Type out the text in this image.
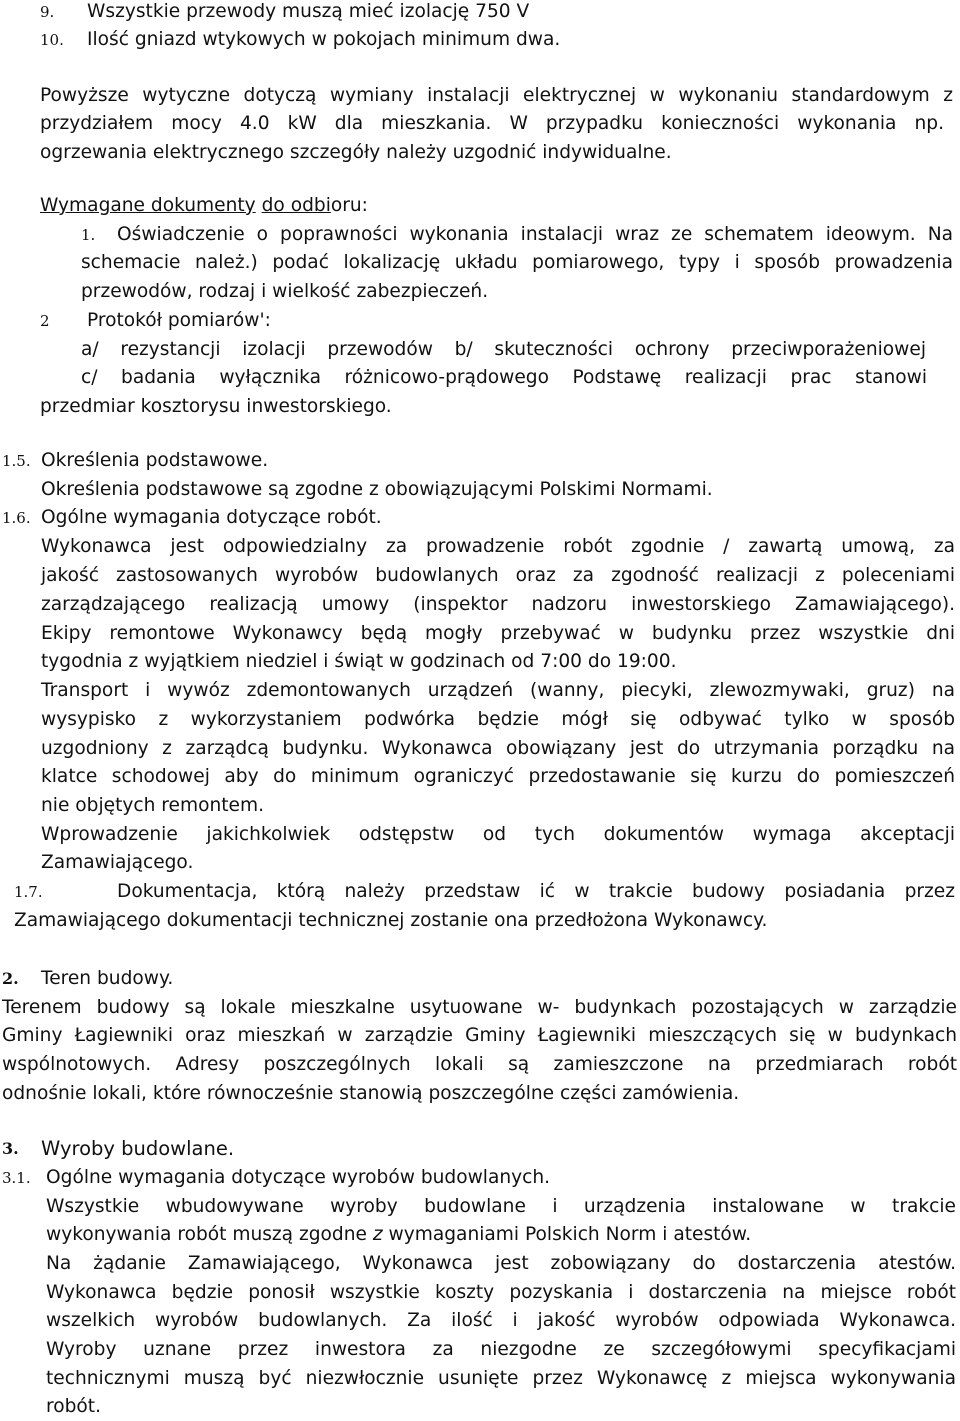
9. Wszystkie przewody muszą mieć izolację 750 V
10. Ilość gniazd wtykowych w pokojach minimum dwa.
Powyższe wytyczne dotyczą wymiany instalacji elektrycznej w wykonaniu standardowym z
przydziałem mocy 4.0 kW dla mieszkania. W przypadku konieczności wykonania np.
ogrzewania elektrycznego szczegóły należy uzgodnić indywidualne.
Wymagane dokumenty do odbioru:
1. Oświadczenie o poprawności wykonania instalacji wraz ze schematem ideowym. Na
schemacie należ.) podać lokalizację układu pomiarowego, typy i sposób prowadzenia
przewodów, rodzaj i wielkość zabezpieczeń.
2 Protokół pomiarów':
a/ rezystancji izolacji przewodów b/ skuteczności ochrony przeciwporażeniowej
c/ badania wyłącznika różnicowo-prądowego Podstawę realizacji prac stanowi
przedmiar kosztorysu inwestorskiego.
1.5. Określenia podstawowe.
Określenia podstawowe są zgodne z obowiązującymi Polskimi Normami.
1.6. Ogólne wymagania dotyczące robót.
Wykonawca jest odpowiedzialny za prowadzenie robót zgodnie / zawartą umową, za
jakość zastosowanych wyrobów budowlanych oraz za zgodność realizacji z poleceniami
zarządzającego realizacją umowy (inspektor nadzoru inwestorskiego Zamawiającego).
Ekipy remontowe Wykonawcy będą mogły przebywać w budynku przez wszystkie dni
tygodnia z wyjątkiem niedziel i świąt w godzinach od 7:00 do 19:00.
Transport i wywóz zdemontowanych urządzeń (wanny, piecyki, zlewozmywaki, gruz) na
wysypisko z wykorzystaniem podwórka będzie mógł się odbywać tylko w sposób
uzgodniony z zarządcą budynku. Wykonawca obowiązany jest do utrzymania porządku na
klatce schodowej aby do minimum ograniczyć przedostawanie się kurzu do pomieszczeń
nie objętych remontem.
Wprowadzenie jakichkolwiek odstępstw od tych dokumentów wymaga akceptacji
Zamawiającego.
1.7.	Dokumentacja, którą należy przedstaw ić w trakcie budowy posiadania przez
Zamawiającego dokumentacji technicznej zostanie ona przedłożona Wykonawcy.
2. Teren budowy.
Terenem budowy są lokale mieszkalne usytuowane w- budynkach pozostających w zarządzie
Gminy Łagiewniki oraz mieszkań w zarządzie Gminy Łagiewniki mieszczących się w budynkach
wspólnotowych. Adresy poszczególnych lokali są zamieszczone na przedmiarach robót
odnośnie lokali, które równocześnie stanowią poszczególne części zamówienia.
3. Wyroby budowlane.
3.1. Ogólne wymagania dotyczące wyrobów budowlanych.
Wszystkie wbudowywane wyroby budowlane i urządzenia instalowane w trakcie
wykonywania robót muszą zgodne z wymaganiami Polskich Norm i atestów.
Na żądanie Zamawiającego, Wykonawca jest zobowiązany do dostarczenia atestów.
Wykonawca będzie ponosił wszystkie koszty pozyskania i dostarczenia na miejsce robót
wszelkich wyrobów budowlanych. Za ilość i jakość wyrobów odpowiada Wykonawca.
Wyroby uznane przez inwestora za niezgodne ze szczegółowymi specyfikacjami
technicznymi muszą być niezwłocznie usunięte przez Wykonawcę z miejsca wykonywania
robót.
